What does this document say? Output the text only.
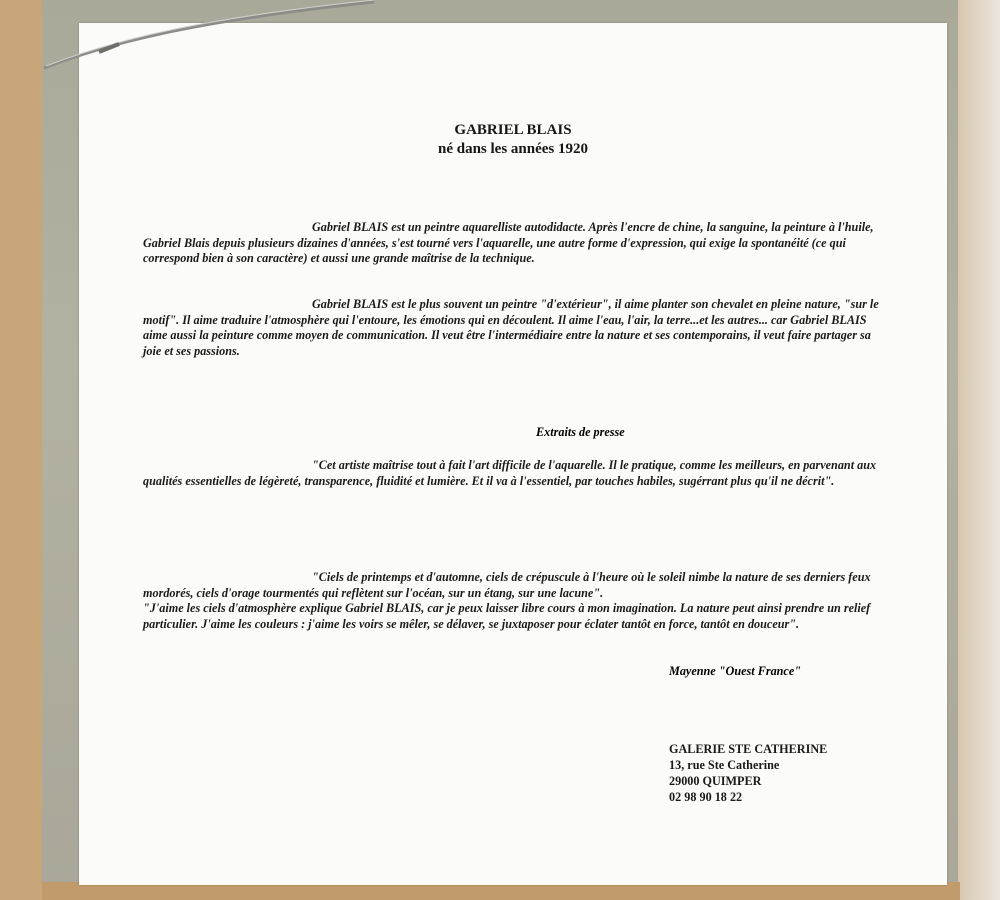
GABRIEL BLAIS
né dans les années 1920
Gabriel BLAIS est un peintre aquarelliste autodidacte. Après l'encre de chine, la sanguine, la peinture à l'huile, Gabriel Blais depuis plusieurs dizaines d'années, s'est tourné vers l'aquarelle, une autre forme d'expression, qui exige la spontanéité (ce qui correspond bien à son caractère) et aussi une grande maîtrise de la technique.
Gabriel BLAIS est le plus souvent un peintre "d'extérieur", il aime planter son chevalet en pleine nature, "sur le motif". Il aime traduire l'atmosphère qui l'entoure, les émotions qui en découlent. Il aime l'eau, l'air, la terre...et les autres... car Gabriel BLAIS aime aussi la peinture comme moyen de communication. Il veut être l'intermédiaire entre la nature et ses contemporains, il veut faire partager sa joie et ses passions.
Extraits de presse
"Cet artiste maîtrise tout à fait l'art difficile de l'aquarelle. Il le pratique, comme les meilleurs, en parvenant aux qualités essentielles de légèreté, transparence, fluidité et lumière. Et il va à l'essentiel, par touches habiles, sugérrant plus qu'il ne décrit".
"Ciels de printemps et d'automne, ciels de crépuscule à l'heure où le soleil nimbe la nature de ses derniers feux mordorés, ciels d'orage tourmentés qui reflètent sur l'océan, sur un étang, sur une lacune".
"J'aime les ciels d'atmosphère explique Gabriel BLAIS, car je peux laisser libre cours à mon imagination. La nature peut ainsi prendre un relief particulier. J'aime les couleurs : j'aime les voirs se mêler, se délaver, se juxtaposer pour éclater tantôt en force, tantôt en douceur".
Mayenne "Ouest France"
GALERIE STE CATHERINE
13, rue Ste Catherine
29000 QUIMPER
02 98 90 18 22
